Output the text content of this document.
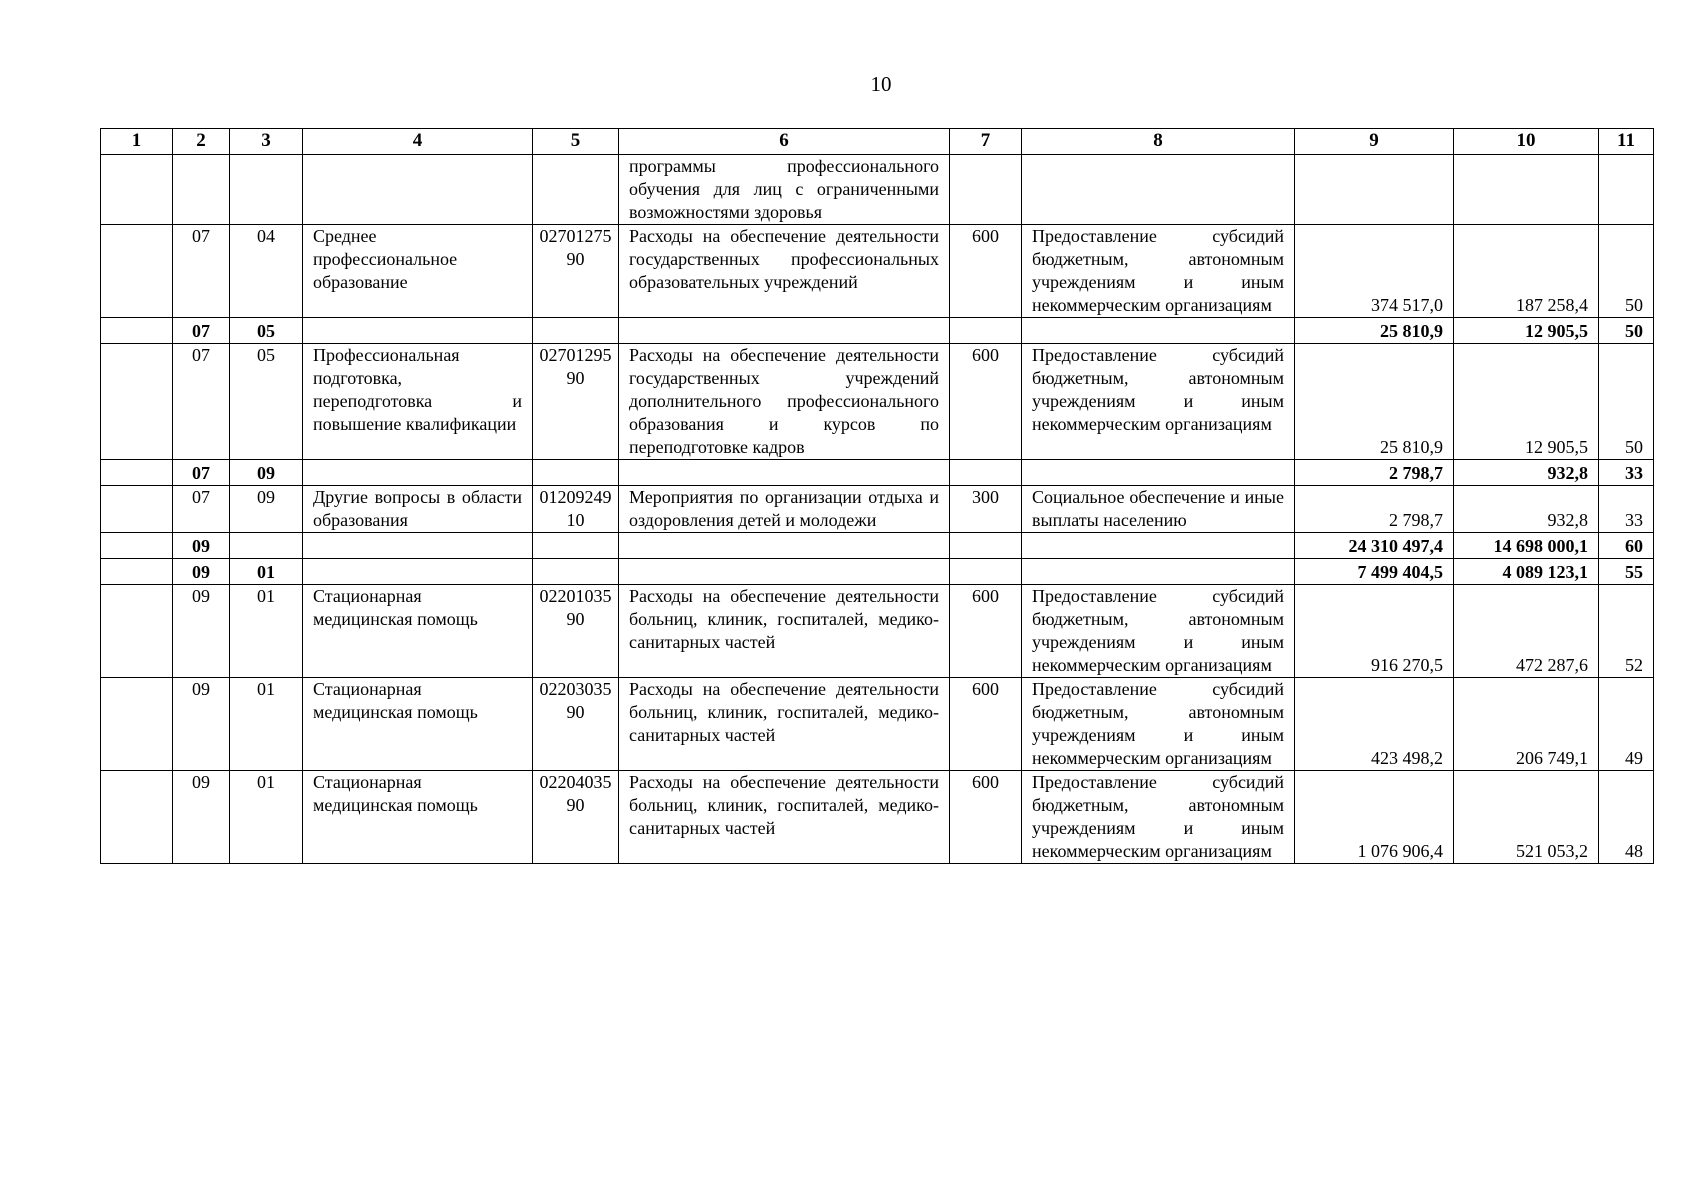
10
1	2	3	4	5	6	7	8	9	10	11
					программы профессионального обучения для лиц с ограниченными возможностями здоровья					
	07	04	Среднее профессиональное образование	0270127590	Расходы на обеспечение деятельности государственных профессиональных образовательных учреждений	600	Предоставление субсидий бюджетным, автономным учреждениям и иным некоммерческим организациям	374 517,0	187 258,4	50
	07	05						25 810,9	12 905,5	50
	07	05	Профессиональная подготовка, переподготовка и повышение квалификации	0270129590	Расходы на обеспечение деятельности государственных учреждений дополнительного профессионального образования и курсов по переподготовке кадров	600	Предоставление субсидий бюджетным, автономным учреждениям и иным некоммерческим организациям	25 810,9	12 905,5	50
	07	09						2 798,7	932,8	33
	07	09	Другие вопросы в области образования	0120924910	Мероприятия по организации отдыха и оздоровления детей и молодежи	300	Социальное обеспечение и иные выплаты населению	2 798,7	932,8	33
	09							24 310 497,4	14 698 000,1	60
	09	01						7 499 404,5	4 089 123,1	55
	09	01	Стационарная медицинская помощь	0220103590	Расходы на обеспечение деятельности больниц, клиник, госпиталей, медико-санитарных частей	600	Предоставление субсидий бюджетным, автономным учреждениям и иным некоммерческим организациям	916 270,5	472 287,6	52
	09	01	Стационарная медицинская помощь	0220303590	Расходы на обеспечение деятельности больниц, клиник, госпиталей, медико-санитарных частей	600	Предоставление субсидий бюджетным, автономным учреждениям и иным некоммерческим организациям	423 498,2	206 749,1	49
	09	01	Стационарная медицинская помощь	0220403590	Расходы на обеспечение деятельности больниц, клиник, госпиталей, медико-санитарных частей	600	Предоставление субсидий бюджетным, автономным учреждениям и иным некоммерческим организациям	1 076 906,4	521 053,2	48
